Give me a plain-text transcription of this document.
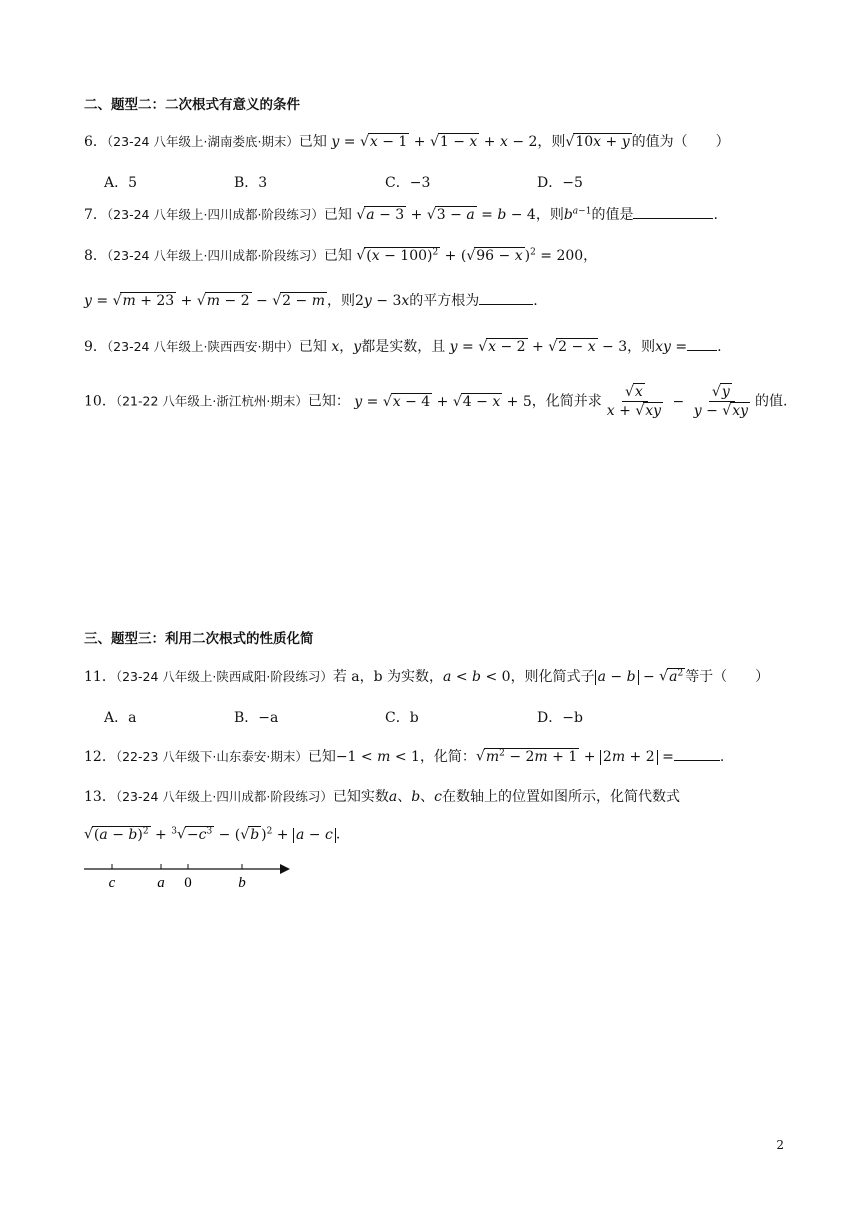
二、题型二：二次根式有意义的条件
6．（23-24 八年级上·湖南娄底·期末）已知 y = √x − 1 + √1 − x + x − 2，则√10x + y 的值为（　　）
A．5	B．3	C．−3	D．−5
7．（23-24 八年级上·四川成都·阶段练习）已知 √a − 3 + √3 − a = b − 4，则$b^{a-1}$的值是	.
8．（23-24 八年级上·四川成都·阶段练习）已知 $√(x - 100)^2 + (√96 - x$ )$^2$ = 200，
y = √m + 23 + √m − 2 − √2 − m ，则2y − 3x的平方根为	.
9．（23-24 八年级上·陕西西安·期中）已知 x，y都是实数，且 y = √x − 2 + √2 − x − 3，则xy = .
10．（21-22 八年级上·浙江杭州·期末）已知： y = √x − 4 + √4 − x + 5，化简并求 $\frac{√x}{x + √xy} - \frac{√y}{y - √xy}$ 的值.
三、题型三：利用二次根式的性质化简
11．（23-24 八年级上·陕西咸阳·阶段练习）若 a，b 为实数，a < b < 0，则化简式子 $a - b - √a^2$ 等于（　　）
A．a	B．−a	C．b	D．−b
12．（22-23 八年级下·山东泰安·期末）已知−1 < m < 1，化简：$√m^2 - 2m + 1 + 2m + 2$ =	.
13．（23-24 八年级上·四川成都·阶段练习）已知实数a、b、c在数轴上的位置如图所示，化简代数式
$√(a - b)^2 + ^3√-c^3 - (√b$ )$^2$ + a − c .
c	a 0	b
2
